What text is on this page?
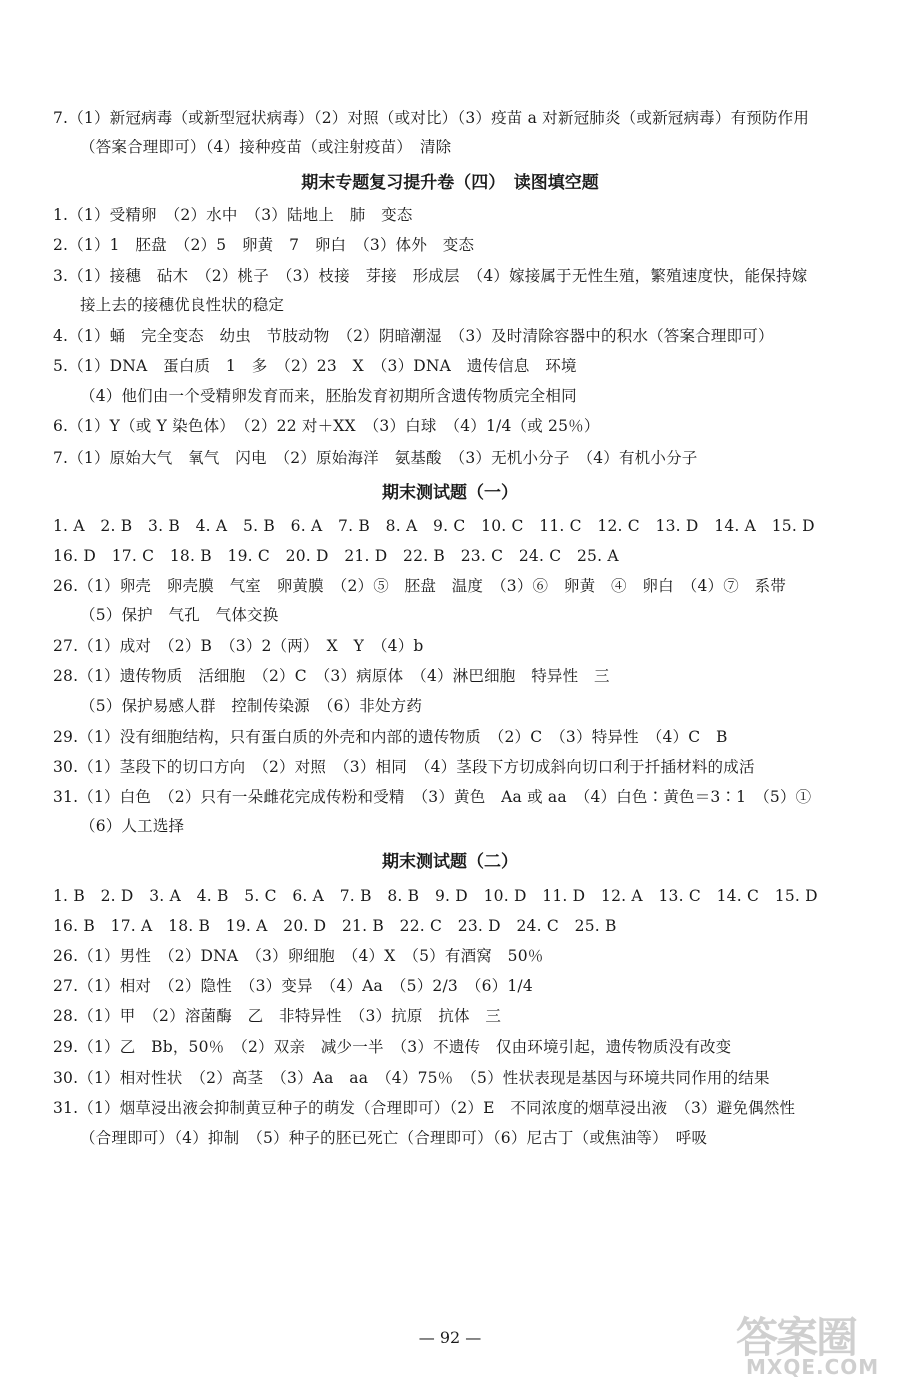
7.（1）新冠病毒（或新型冠状病毒）（2）对照（或对比）（3）疫苗 a 对新冠肺炎（或新冠病毒）有预防作用
（答案合理即可）（4）接种疫苗（或注射疫苗）　清除
期末专题复习提升卷（四）　读图填空题
1.（1）受精卵　（2）水中　（3）陆地上　肺　变态
2.（1）1　胚盘　（2）5　卵黄　7　卵白　（3）体外　变态
3.（1）接穗　砧木　（2）桃子　（3）枝接　芽接　形成层　（4）嫁接属于无性生殖，繁殖速度快，能保持嫁
接上去的接穗优良性状的稳定
4.（1）蛹　完全变态　幼虫　节肢动物　（2）阴暗潮湿　（3）及时清除容器中的积水（答案合理即可）
5.（1）DNA　蛋白质　1　多　（2）23　X　（3）DNA　遗传信息　环境
（4）他们由一个受精卵发育而来，胚胎发育初期所含遗传物质完全相同
6.（1）Y（或 Y 染色体）　（2）22 对＋XX　（3）白球　（4）1/4（或 25％）
7.（1）原始大气　氧气　闪电　（2）原始海洋　氨基酸　（3）无机小分子　（4）有机小分子
期末测试题（一）
1. A　2. B　3. B　4. A　5. B　6. A　7. B　8. A　9. C　10. C　11. C　12. C　13. D　14. A　15. D
16. D　17. C　18. B　19. C　20. D　21. D　22. B　23. C　24. C　25. A
26.（1）卵壳　卵壳膜　气室　卵黄膜　（2）⑤　胚盘　温度　（3）⑥　卵黄　④　卵白　（4）⑦　系带
（5）保护　气孔　气体交换
27.（1）成对　（2）B　（3）2（两）　X　Y　（4）b
28.（1）遗传物质　活细胞　（2）C　（3）病原体　（4）淋巴细胞　特异性　三
（5）保护易感人群　控制传染源　（6）非处方药
29.（1）没有细胞结构，只有蛋白质的外壳和内部的遗传物质　（2）C　（3）特异性　（4）C　B
30.（1）茎段下的切口方向　（2）对照　（3）相同　（4）茎段下方切成斜向切口利于扦插材料的成活
31.（1）白色　（2）只有一朵雌花完成传粉和受精　（3）黄色　Aa 或 aa　（4）白色∶黄色＝3∶1　（5）①
（6）人工选择
期末测试题（二）
1. B　2. D　3. A　4. B　5. C　6. A　7. B　8. B　9. D　10. D　11. D　12. A　13. C　14. C　15. D
16. B　17. A　18. B　19. A　20. D　21. B　22. C　23. D　24. C　25. B
26.（1）男性　（2）DNA　（3）卵细胞　（4）X　（5）有酒窝　50％
27.（1）相对　（2）隐性　（3）变异　（4）Aa　（5）2/3　（6）1/4
28.（1）甲　（2）溶菌酶　乙　非特异性　（3）抗原　抗体　三
29.（1）乙　Bb，50％　（2）双亲　减少一半　（3）不遗传　仅由环境引起，遗传物质没有改变
30.（1）相对性状　（2）高茎　（3）Aa　aa　（4）75％　（5）性状表现是基因与环境共同作用的结果
31.（1）烟草浸出液会抑制黄豆种子的萌发（合理即可）（2）E　不同浓度的烟草浸出液　（3）避免偶然性
（合理即可）（4）抑制　（5）种子的胚已死亡（合理即可）（6）尼古丁（或焦油等）　呼吸
— 92 —	答案圈
MXQE.COM
